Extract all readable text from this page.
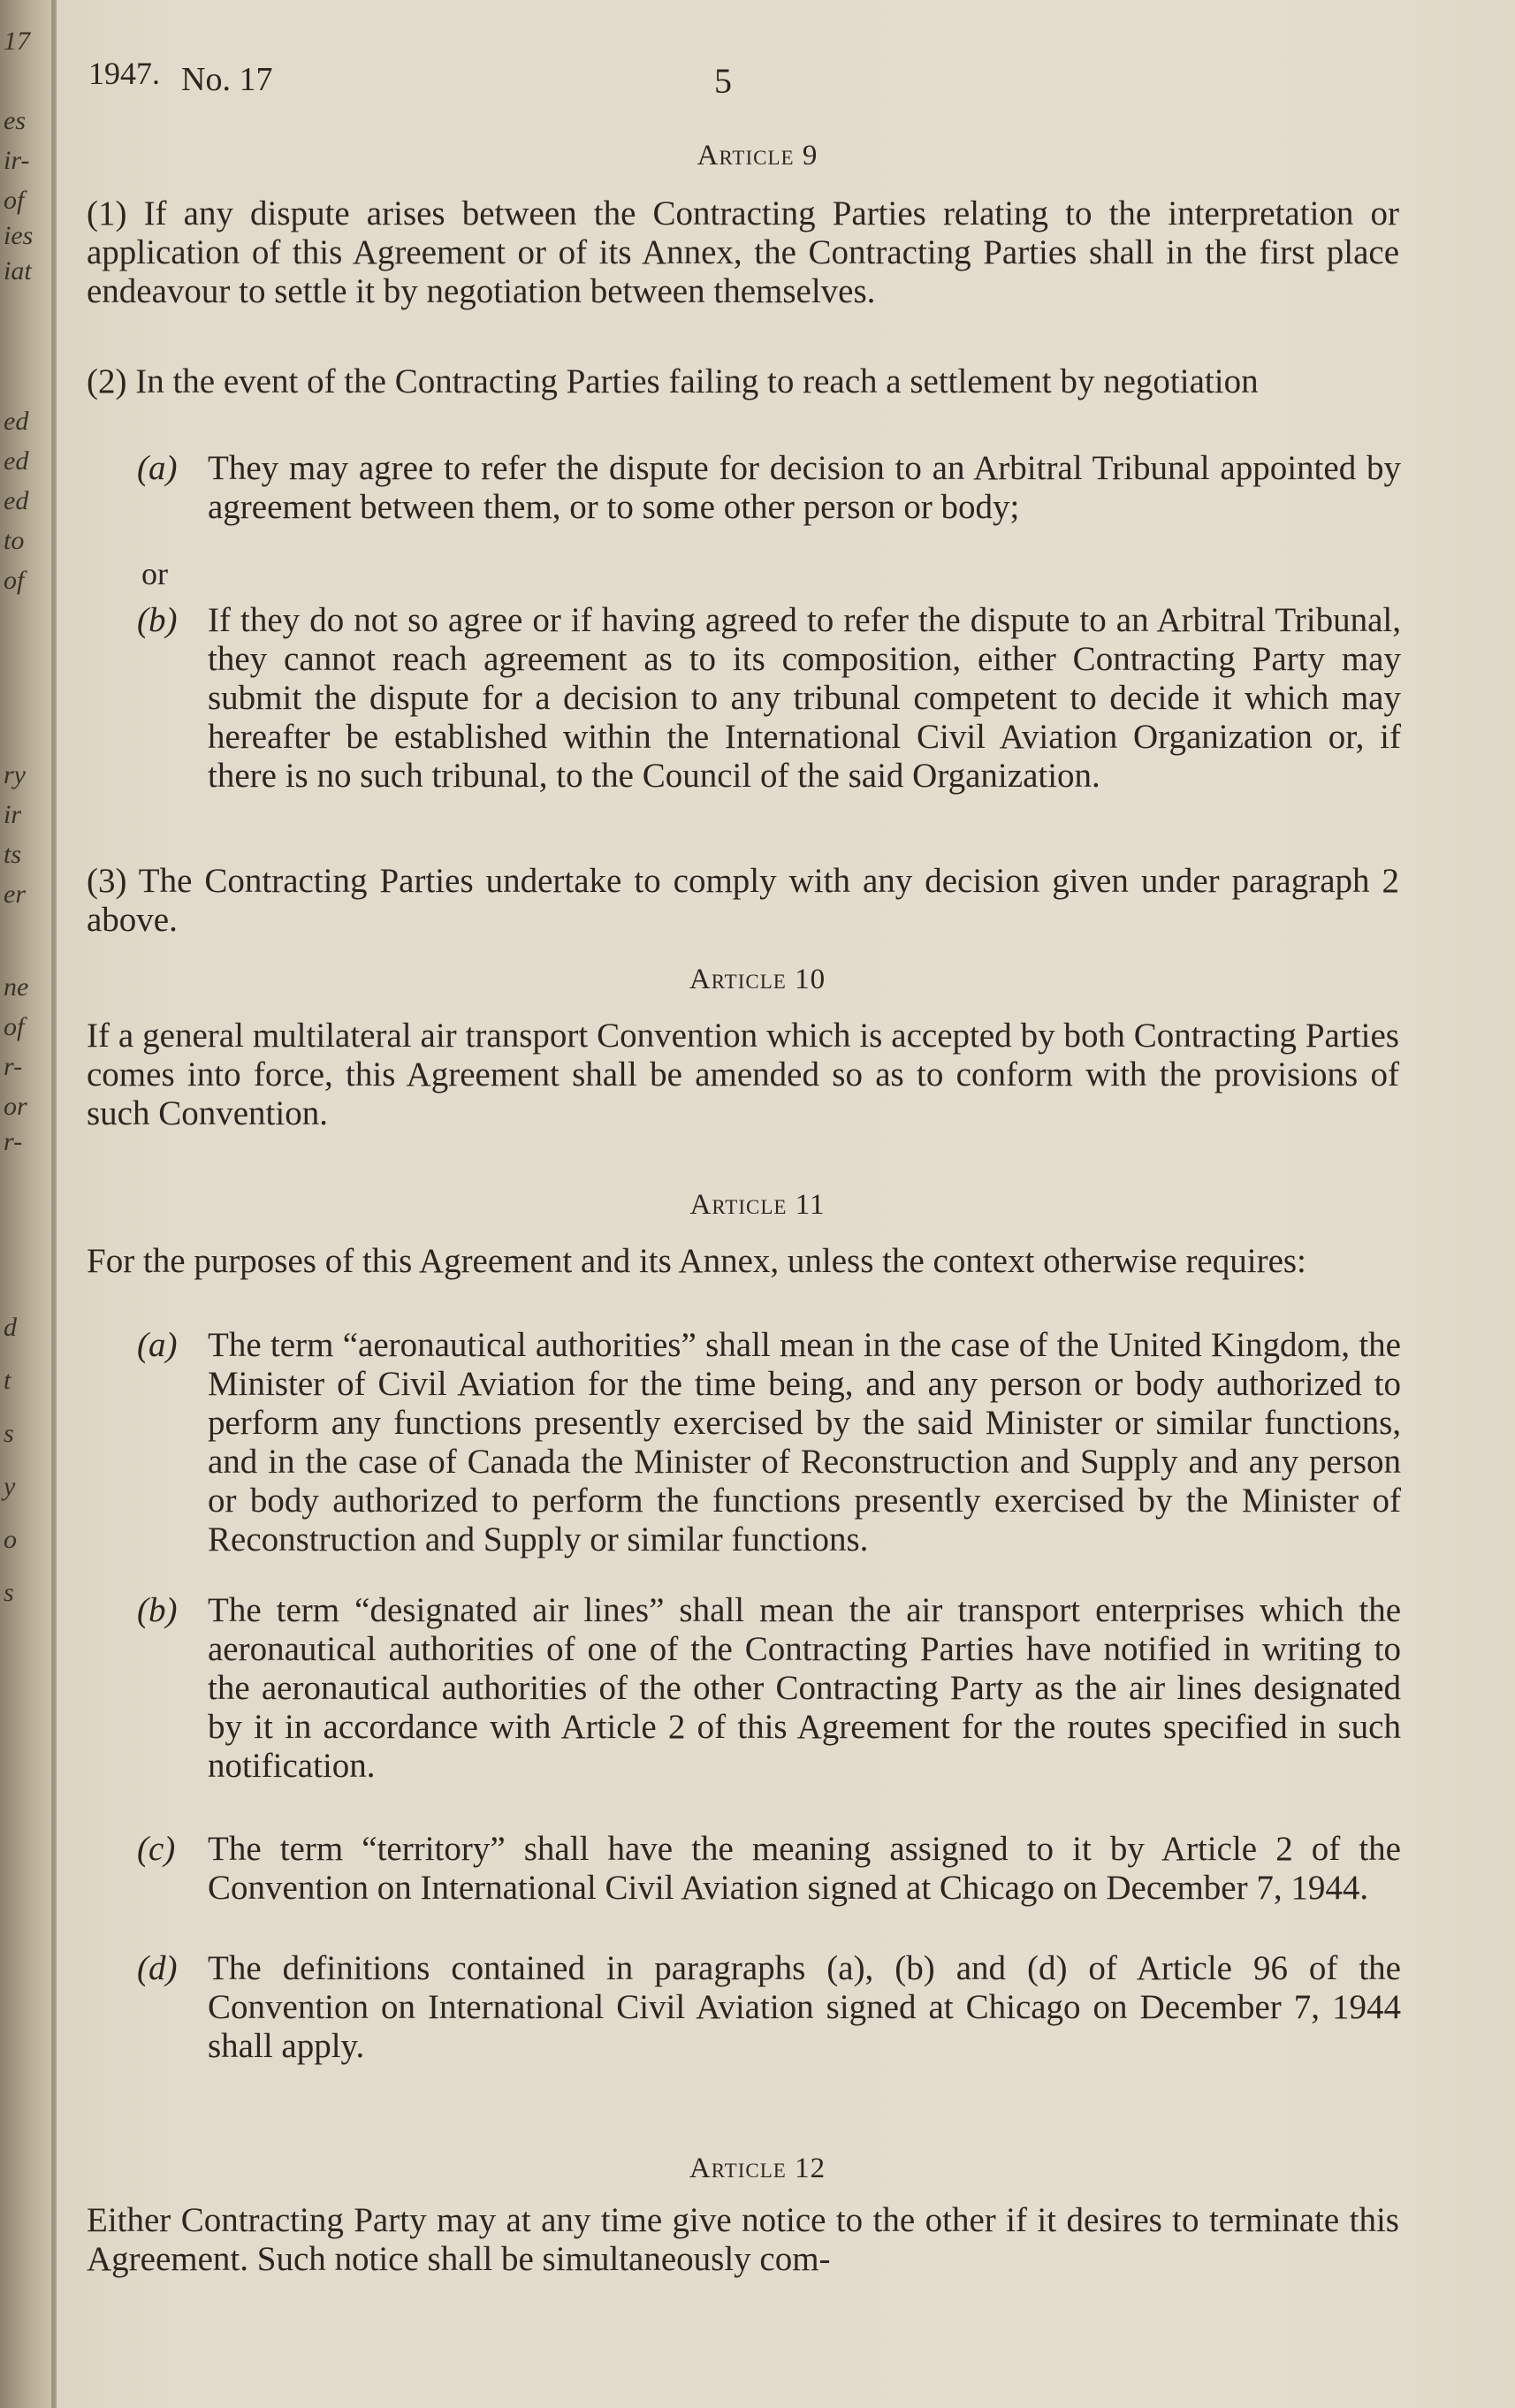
17
es
ir-
of
ies
iat
ed
ed
ed
to
of
ry
ir
ts
er
ne
of
r-
or
r-
d
t
s
y
o
s
1947. No. 17	5
Article 9
(1) If any dispute arises between the Contracting Parties relating to the interpretation or application of this Agreement or of its Annex, the Contracting Parties shall in the first place endeavour to settle it by negotiation between themselves.
(2) In the event of the Contracting Parties failing to reach a settlement by negotiation
(a) They may agree to refer the dispute for decision to an Arbitral Tribunal appointed by agreement between them, or to some other person or body;
or
(b) If they do not so agree or if having agreed to refer the dispute to an Arbitral Tribunal, they cannot reach agreement as to its composition, either Contracting Party may submit the dispute for a decision to any tribunal competent to decide it which may hereafter be established within the International Civil Aviation Organization or, if there is no such tribunal, to the Council of the said Organization.
(3) The Contracting Parties undertake to comply with any decision given under paragraph 2 above.
Article 10
If a general multilateral air transport Convention which is accepted by both Contracting Parties comes into force, this Agreement shall be amended so as to conform with the provisions of such Convention.
Article 11
For the purposes of this Agreement and its Annex, unless the context otherwise requires:
(a) The term “aeronautical authorities” shall mean in the case of the United Kingdom, the Minister of Civil Aviation for the time being, and any person or body authorized to perform any functions presently exercised by the said Minister or similar functions, and in the case of Canada the Minister of Reconstruction and Supply and any person or body authorized to perform the functions presently exercised by the Minister of Reconstruction and Supply or similar functions.
(b) The term “designated air lines” shall mean the air transport enterprises which the aeronautical authorities of one of the Contracting Parties have notified in writing to the aeronautical authorities of the other Contracting Party as the air lines designated by it in accordance with Article 2 of this Agreement for the routes specified in such notification.
(c) The term “territory” shall have the meaning assigned to it by Article 2 of the Convention on International Civil Aviation signed at Chicago on December 7, 1944.
(d) The definitions contained in paragraphs (a), (b) and (d) of Article 96 of the Convention on International Civil Aviation signed at Chicago on December 7, 1944 shall apply.
Article 12
Either Contracting Party may at any time give notice to the other if it desires to terminate this Agreement. Such notice shall be simultaneously com-
